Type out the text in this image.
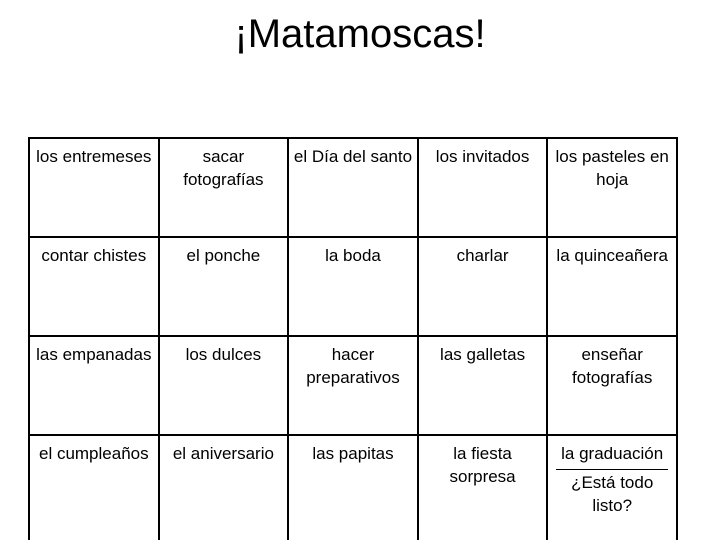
¡Matamoscas!
los entremeses	sacar fotografías	el Día del santo	los invitados	los pasteles en hoja
contar chistes	el ponche	la boda	charlar	la quinceañera
las empanadas	los dulces	hacer preparativos	las galletas	enseñar fotografías
el cumpleaños	el aniversario	las papitas	la fiesta sorpresa	la graduación
¿Está todo listo?
